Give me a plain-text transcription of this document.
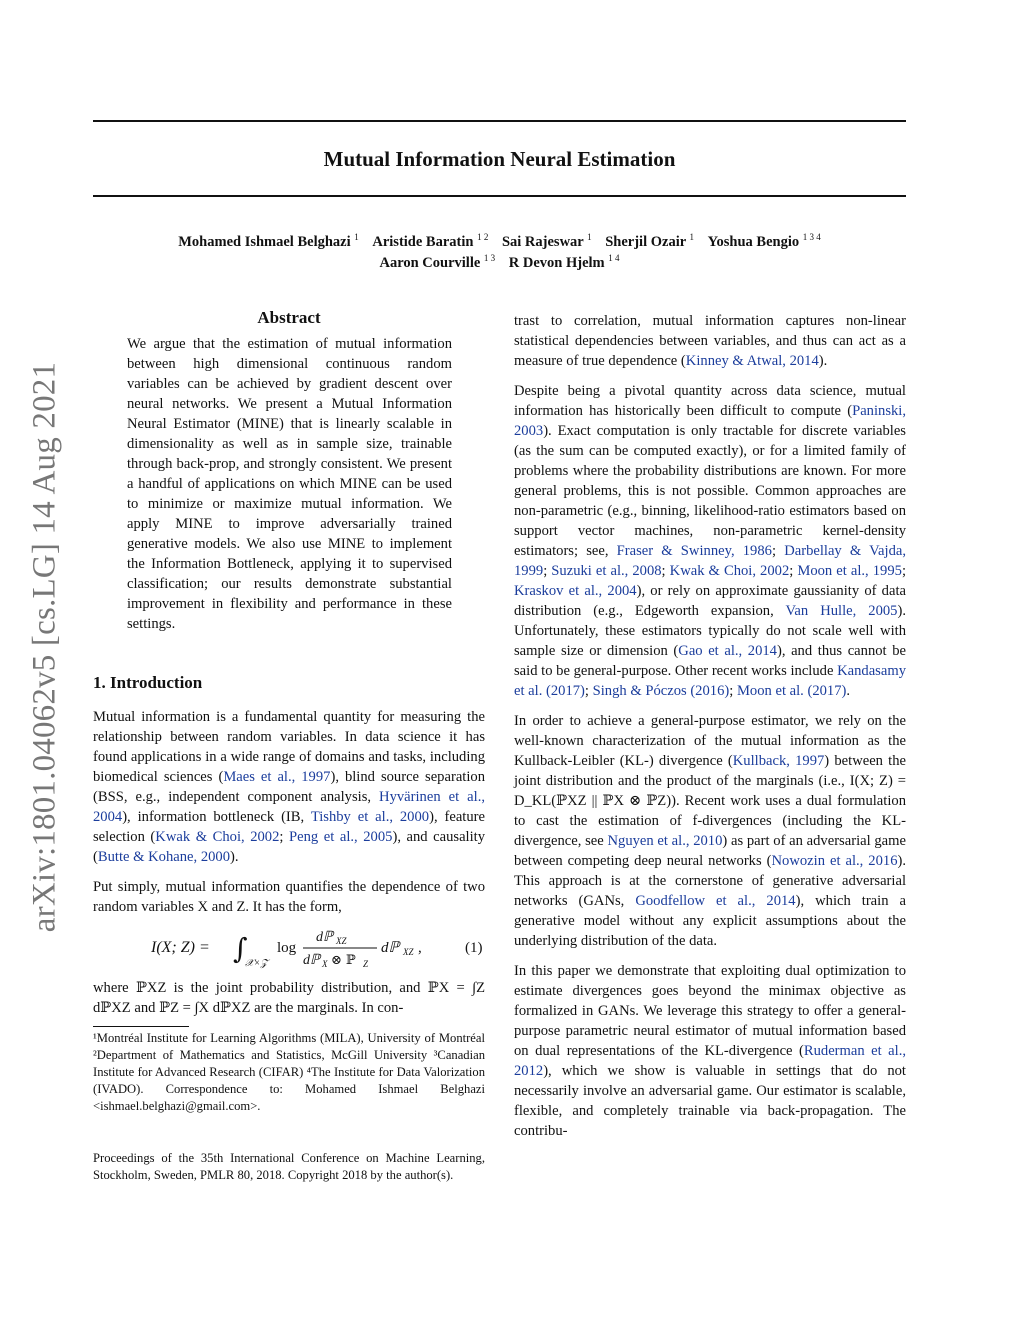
Mutual Information Neural Estimation
Mohamed Ishmael Belghazi $^1$ Aristide Baratin $^{1 2}$ Sai Rajeswar $^1$ Sherjil Ozair $^1$ Yoshua Bengio $^{1 3 4}$
Aaron Courville $^{1 3}$ R Devon Hjelm $^{1 4}$
arXiv:1801.04062v5 [cs.LG] 14 Aug 2021
Abstract
We argue that the estimation of mutual information between high dimensional continuous random variables can be achieved by gradient descent over neural networks. We present a Mutual Information Neural Estimator (MINE) that is linearly scalable in dimensionality as well as in sample size, trainable through back-prop, and strongly consistent. We present a handful of applications on which MINE can be used to minimize or maximize mutual information. We apply MINE to improve adversarially trained generative models. We also use MINE to implement the Information Bottleneck, applying it to supervised classification; our results demonstrate substantial improvement in flexibility and performance in these settings.
1. Introduction

Mutual information is a fundamental quantity for measuring the relationship between random variables. In data science it has found applications in a wide range of domains and tasks, including biomedical sciences (Maes et al., 1997), blind source separation (BSS, e.g., independent component analysis, Hyvärinen et al., 2004), information bottleneck (IB, Tishby et al., 2000), feature selection (Kwak & Choi, 2002; Peng et al., 2005), and causality (Butte & Kohane, 2000).

Put simply, mutual information quantifies the dependence of two random variables X and Z. It has the form,

I(X; Z) = ∫
𝒳×𝒵
log
dℙ XZ
dℙ X ⊗ ℙ Z
dℙ XZ ,	(1)

where ℙXZ is the joint probability distribution, and ℙX = ∫Z dℙXZ and ℙZ = ∫X dℙXZ are the marginals. In con-

¹Montréal Institute for Learning Algorithms (MILA), University of Montréal ²Department of Mathematics and Statistics, McGill University ³Canadian Institute for Advanced Research (CIFAR) ⁴The Institute for Data Valorization (IVADO). Correspondence to: Mohamed Ishmael Belghazi <ishmael.belghazi@gmail.com>.
Proceedings of the 35th International Conference on Machine Learning, Stockholm, Sweden, PMLR 80, 2018. Copyright 2018 by the author(s).

trast to correlation, mutual information captures non-linear statistical dependencies between variables, and thus can act as a measure of true dependence (Kinney & Atwal, 2014).

Despite being a pivotal quantity across data science, mutual information has historically been difficult to compute (Paninski, 2003). Exact computation is only tractable for discrete variables (as the sum can be computed exactly), or for a limited family of problems where the probability distributions are known. For more general problems, this is not possible. Common approaches are non-parametric (e.g., binning, likelihood-ratio estimators based on support vector machines, non-parametric kernel-density estimators; see, Fraser & Swinney, 1986; Darbellay & Vajda, 1999; Suzuki et al., 2008; Kwak & Choi, 2002; Moon et al., 1995; Kraskov et al., 2004), or rely on approximate gaussianity of data distribution (e.g., Edgeworth expansion, Van Hulle, 2005). Unfortunately, these estimators typically do not scale well with sample size or dimension (Gao et al., 2014), and thus cannot be said to be general-purpose. Other recent works include Kandasamy et al. (2017); Singh & Póczos (2016); Moon et al. (2017).

In order to achieve a general-purpose estimator, we rely on the well-known characterization of the mutual information as the Kullback-Leibler (KL-) divergence (Kullback, 1997) between the joint distribution and the product of the marginals (i.e., I(X; Z) = D_KL(ℙXZ || ℙX ⊗ ℙZ)). Recent work uses a dual formulation to cast the estimation of f-divergences (including the KL-divergence, see Nguyen et al., 2010) as part of an adversarial game between competing deep neural networks (Nowozin et al., 2016). This approach is at the cornerstone of generative adversarial networks (GANs, Goodfellow et al., 2014), which train a generative model without any explicit assumptions about the underlying distribution of the data.

In this paper we demonstrate that exploiting dual optimization to estimate divergences goes beyond the minimax objective as formalized in GANs. We leverage this strategy to offer a general-purpose parametric neural estimator of mutual information based on dual representations of the KL-divergence (Ruderman et al., 2012), which we show is valuable in settings that do not necessarily involve an adversarial game. Our estimator is scalable, flexible, and completely trainable via back-propagation. The contribu-
